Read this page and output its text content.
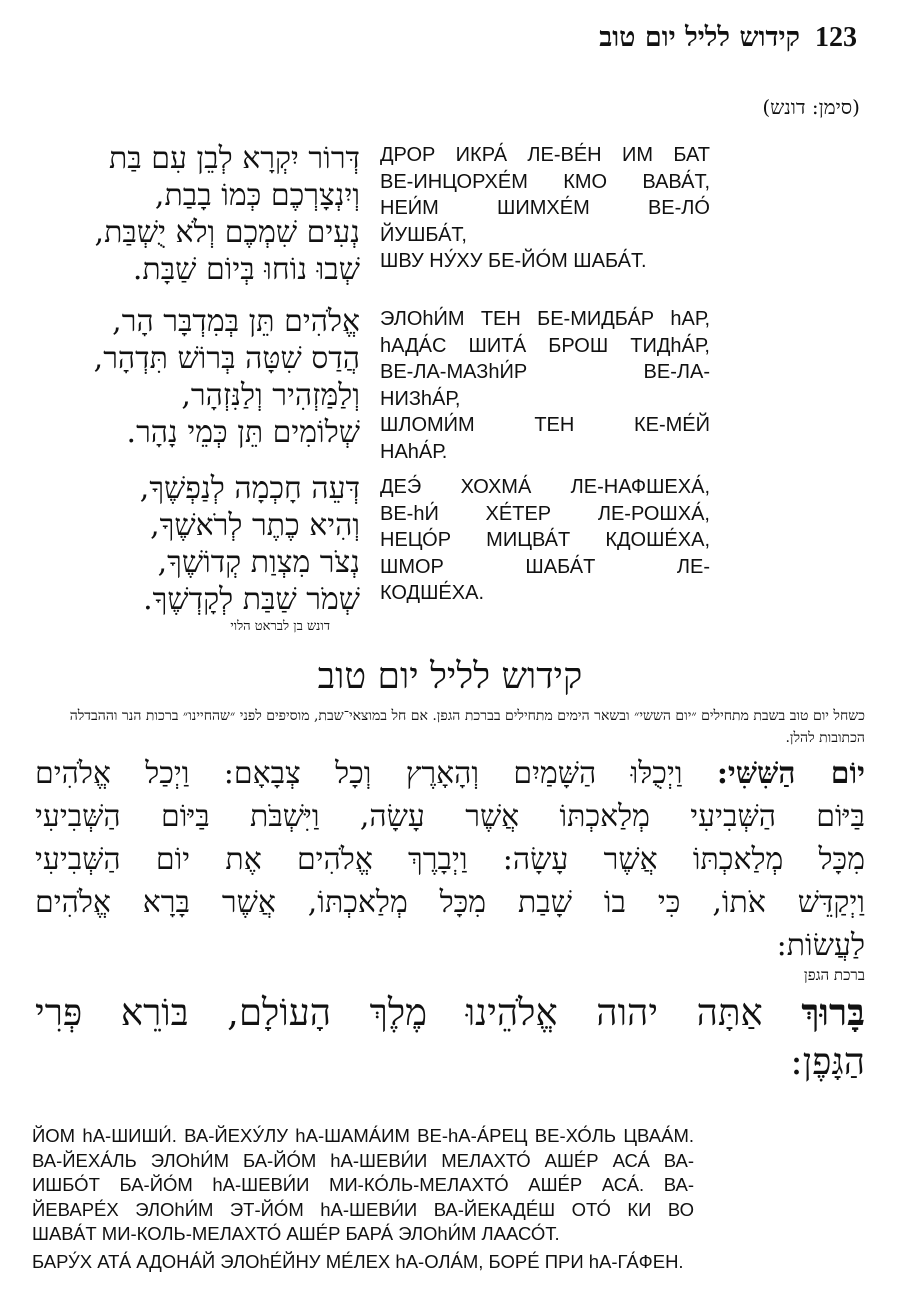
קידוש לליל יום טוב 123
(סימן: דונש)
דְּרוֹר יִקְרָא לְבֵן עִם בַּת
וְיִנְצָרְכֶם כְּמוֹ בָבַת,
נְעִים שִׁמְכֶם וְלֹא יֻשְׁבַּת,
שְׁבוּ נוֹחוּ בְּיוֹם שַׁבָּת.
אֱלֹהִים תֵּן בְּמִדְבָּר הָר,
הֲדַס שִׁטָּה בְּרוֹשׁ תִּדְהָר,
וְלַמַּזְהִיר וְלַנִּזְהָר,
שְׁלוֹמִים תֵּן כְּמֵי נָהָר.
דְּעֵה חָכְמָה לְנַפְשֶׁךָ,
וְהִיא כֶתֶר לְרֹאשֶׁךָ,
נְצֹר מִצְוַת קְדוֹשֶׁךָ,
שְׁמֹר שַׁבַּת לְקָדְשֶׁךָ.
דונש בן לבראט הלוי
ДРОР ИКРА́ ЛЕ-ВЕ́Н ИМ БАТ
ВЕ-ИНЦОРХЕ́М КМО ВАВА́Т,
НЕИ́М ШИМХЕ́М ВЕ-ЛО́
ЙУШБА́Т,
ШВУ НУ́ХУ БЕ-ЙО́М ШАБА́Т.
ЭЛОhИ́М ТЕН БЕ-МИДБА́Р hАР,
hАДА́С ШИТА́ БРОШ ТИДhА́Р,
ВЕ-ЛА-МАЗhИ́Р ВЕ-ЛА-
НИЗhА́Р,
ШЛОМИ́М ТЕН КЕ-МЕ́Й
НАhА́Р.
ДЕЭ́ ХОХМА́ ЛЕ-НАФШЕХА́,
ВЕ-hИ́ ХЕ́ТЕР ЛЕ-РОШХА́,
НЕЦО́Р МИЦВА́Т КДОШЕ́ХА,
ШМОР ШАБА́Т ЛЕ-
КОДШЕ́ХА.
קידוש לליל יום טוב
כשחל יום טוב בשבת מתחילים ״יום הששי״ ובשאר הימים מתחילים בברכת הגפן. אם חל במוצאי־שבת, מוסיפים לפני ״שהחיינו״ ברכות הנר וההבדלה הכתובות להלן.
יוֹם הַשִּׁשִּׁי: וַיְכֻלּוּ הַשָּׁמַיִם וְהָאָרֶץ וְכָל צְבָאָם: וַיְכַל אֱלֹהִים
בַּיּוֹם הַשְּׁבִיעִי מְלַאכְתּוֹ אֲשֶׁר עָשָׂה, וַיִּשְׁבֹּת בַּיּוֹם הַשְּׁבִיעִי
מִכָּל מְלַאכְתּוֹ אֲשֶׁר עָשָׂה: וַיְבָרֶךְ אֱלֹהִים אֶת יוֹם הַשְּׁבִיעִי
וַיְקַדֵּשׁ אֹתוֹ, כִּי בוֹ שָׁבַת מִכָּל מְלַאכְתּוֹ, אֲשֶׁר בָּרָא אֱלֹהִים
לַעֲשׂוֹת:
ברכת הגפן
בָּרוּךְ אַתָּה יהוה אֱלֹהֵינוּ מֶלֶךְ הָעוֹלָם, בּוֹרֵא פְּרִי
הַגָּפֶן:
ЙОМ hА-ШИШИ́. ВА-ЙЕХУ́ЛУ hА-ШАМА́ИМ ВЕ-hА-А́РЕЦ ВЕ-ХО́ЛЬ ЦВАА́М.
ВА-ЙЕХА́ЛЬ ЭЛОhИ́М БА-ЙО́М hА-ШЕВИ́И МЕЛАХТО́ АШЕ́Р АСА́ ВА-
ИШБО́Т БА-ЙО́М hА-ШЕВИ́И МИ-КО́ЛЬ-МЕЛАХТО́ АШЕ́Р АСА́. ВА-
ЙЕВАРЕ́Х ЭЛОhИ́М ЭТ-ЙО́М hА-ШЕВИ́И ВА-ЙЕКАДЕ́Ш ОТО́ КИ ВО
ШАВА́Т МИ-КОЛЬ-МЕЛАХТО́ АШЕ́Р БАРА́ ЭЛОhИ́М ЛААСО́Т.
БАРУ́Х АТА́ АДОНА́Й ЭЛОhЕ́ЙНУ МЕ́ЛЕХ hА-ОЛА́М, БОРЕ́ ПРИ hА-ГА́ФЕН.
